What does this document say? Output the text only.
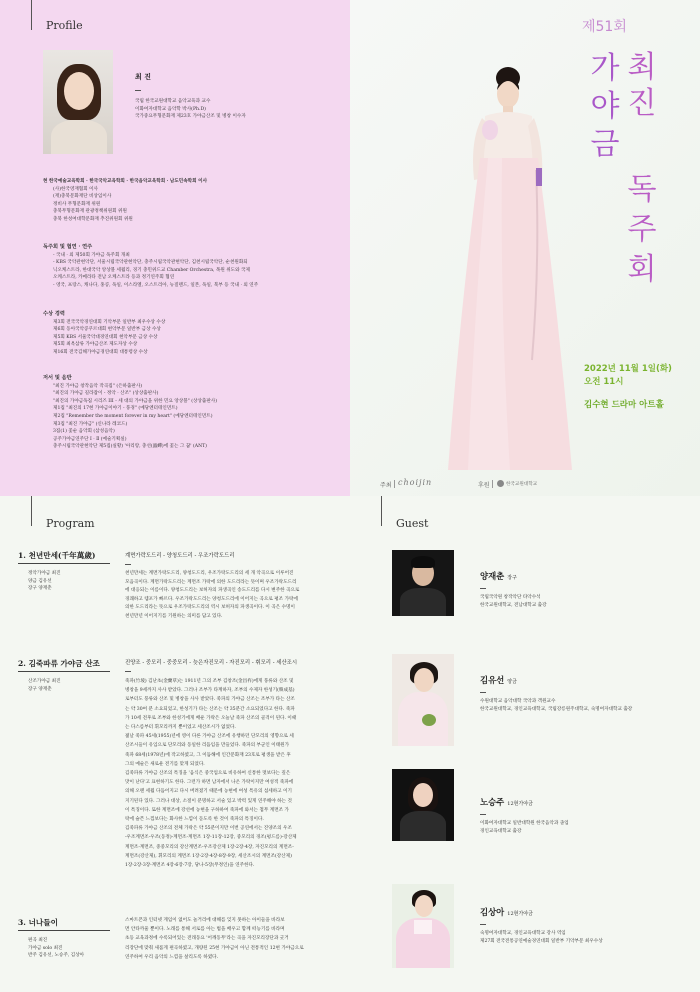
Profile
최 진

국립 한국교원대학교 음악교육과 교수

이화여자대학교 음악학 박사(Ph.D)

국가중요무형문화재 제23호 가야금산조 및 병창 이수자

현 한국예술교육학회 · 한국국악교육학회 · 한국음악교육학회 · 남도민속학회 이사

(사)한국영재협회 이사

(재)충북문화재단 비상임이사

정비사 무형문화재 위원

충북무형문화재 관광정책위원회 위원

충북 한성여대학문화재 추진위원회 위원

독주회 및 협연 · 연주

- 국내 · 외 제50회 가야금 독주회 개최

- KBS 국악관현악단, 서울시립국악관현악단, 충주시립국악관현악단, 김천시립국악단, 순천원화되

닉오케스트라, 한대국악 앙상블 세월리, 경기 충민위드교 Chamber Orchestra, 목원 위도와 국제

오케스트라, 카메라타 전남 오케스트라 등과 정기연주회 협연

- 영국, 프랑스, 캐나다, 홍콩, 독일, 이스라엘, 오스트리아, 뉴질랜드, 일본, 독일, 북부 등 국내 · 외 연주

수상 경력

제3회 전국국악경연대회 기악부문 일반부 최우수상 수상

제6회 동아국악콩쿠르대회 현악부문 일반부 금상 수상

제5회 KBS 서울국악대경연대회 현악부문 금상 수상

제5회 최옥삼류 가야금산조 제도자상 수상

제16회 전국김해가야금경연대회 대통령상 수상

저서 및 음반

"최진 가야금 창작음악 작곡집" (은하출판사)

"최진의 가야금 길라잡이 - 정악 · 산조" (상상출판사)

"최진의 가야금독집 시리즈 III - 세 대의 가야금을 위한 민요 앙상블" (상상출판사)

제1집 "최진의 17현 가야금이야기 - 풍경" (예당엔터테인먼트)

제2집 "Remember the moment forever in my heart" (예당엔터테인먼트)

제3집 "최진 가야금" (신나라 레코드)

3집(1) 꽃순 음악회 (삼성음악)

공주가야금연주단 Ⅰ · Ⅱ (예술기획실)

충주시립국악관현악단 제5집(실황) '아리랑, 충선(蟲蟬)에 꽃는 그 꿈' (ANT)

제51회
최 진
가야금
독주회
2022년 11월 1일(화)
오전 11시
김수현 드라마 아트홀
주최 choijin	후원	한국교원대학교
Program
1. 천년만세(千年萬歲)

정악가야금 최진

양금 김유선

장구 양재춘

계면가락도드리 - 양청도드리 - 우조가락도드리

천년만세는 계면가락도드리, 양청도드리, 우조가락도드리의 세 개 악곡으로 이루어진

모음곡이다. 계면가락도드리는 계면조 가락에 의한 도드리라는 뜻이며 우조가락도드리

에 대응되는 이름이다. 양청도드리는 보허자의 파생곡인 송도드리를 다시 변주한 곡으로

경쾌하고 템포가 빠르다. 우조가락도드리는 양청도드리에 이어지는 곡으로 평조 가락에

의한 도드리라는 뜻으로 우조가락도드리의 역시 보허자의 파생곡이다. 이 곡은 수명이

천년만년 이어지기를 기원하는 의미를 담고 있다.

2. 김죽파류 가야금 산조

산조가야금 최진

장구 양재춘

진양조 - 중모리 - 중중모리 - 늦은자진모리 - 자진모리 - 휘모리 - 세산조시

죽파(竹坡) 김난초(金蘭草)는 1911년 그의 조부 김창조(金昌祚)에게 풍류와 산조 및

병창을 9세까지 사사 받았다. 그러나 조부가 타계하자, 조부의 수제자 한성기(韓成基)

로부터도 풍류와 산조 및 병창을 사사 받았다. 죽파의 가야금 산조는 조부가 타는 산조

는 약 30여 분 소요되었고, 한성기가 타는 산조는 약 35분간 소요되었다고 한다. 죽파

가 10세 전후로 조부와 한성기에게 배운 가락은 오늘날 죽파 산조의 골격이 된다. 이때

는 다스름부터 휘모리까지 뿐이었고 세산조시가 없었다.

젊날 죽파 45세(1955)년에 영이 다른 가야금 산조에 유행하던 단모리의 영향으로 세

산조시들이 유입으로 단모리와 동일한 리듬임을 만들었다. 죽파의 부군인 이태원가

죽파 68세(1978년)에 작고하였고, 그 이듬해에 인간문화재 23호로 평생을 받은 후

그의 예술은 새로운 전기를 맞게 되었다.

김죽파류 가야금 산조의 특징을 '음식은 중국업으로 비유하여 신통한 멋보다는 깊은

맛이 난다'고 표현하기도 한다. 그런가 하면 남자에서 나온 가락이지만 여성적 죽파에

의해 오랜 세월 다듬어지고 다시 버려졌기 때문에 농현에 여성 특유의 섬세하고 이기

지기된다 있다. 그러나 대상, 소절이 분명하고 서술 있고 박력 있게 연주해야 하는 것

이 특징이다. 또한 계면조에 강선에 농현을 구하하여 죽파에 와서는 첩무 계면조 가

락에 슬픈 느낌보다는 화사한 느낌이 돋도록 한 것이 죽파의 특징이다.

김죽파류 가야금 산조의 전체 가락은 약 55분이지만 이번 공연에서는 진양조의 우조

-우조계면조-우조(동정)-계면조-계면조 1장-11장-12장, 중모리의 경조(평드름)-강산제

계면조-계면조, 중중모리의 강산계면조-우조강산제 1장-2장-4장, 자진모리의 계면조-

계면조(강산제), 휘모리의 계면조 1장-2장-4장-8장-9장, 세산조시의 계면조(강산제)

1장-2장-3장-계면조 4장-6장-7장, 당나-5장(무정인)을 연주한다.

3. 너나들이

편곡 최진

가야금 solo 최진

반주 김유선, 노승주, 김상아

스마트폰과 인터넷 게임이 없어도 놀거리에 대해를 잊지 못하는 아이들을 바라보

면 안타까울 뿐이다. 노래를 통해 서로를 아는 법을 배우고 함께 떠능기를 바라며

초등 교육과정에 수록되어있는 전래동요 '어깨동무'라는 곡을 자진모리장단과 굿거

리장단에 맞춰 새롭게 편곡하였고, 개량된 25현 가야금이 아닌 전통적인 12현 가야금으로

연주하여 우리 음악의 느낌을 살리도록 하였다.

Guest
양재춘 장구

국립국악원 창작악단 타악수석

한국교원대학교, 전남대학교 출강

김유선 양금

수원대학교 음악대학 국악과 객원교수

한국교원대학교, 경인교육대학교, 국립강릉원주대학교, 숙명여자대학교 출강

노승주 12현가야금

이화여자대학교 일반대학원 한국음악과 졸업

경인교육대학교 출강

김상아 12현가야금

숙명여자대학교, 경인교육대학교 강사 역임

제27회 전국전통공연예술경연대회 일반부 기악부문 최우수상
